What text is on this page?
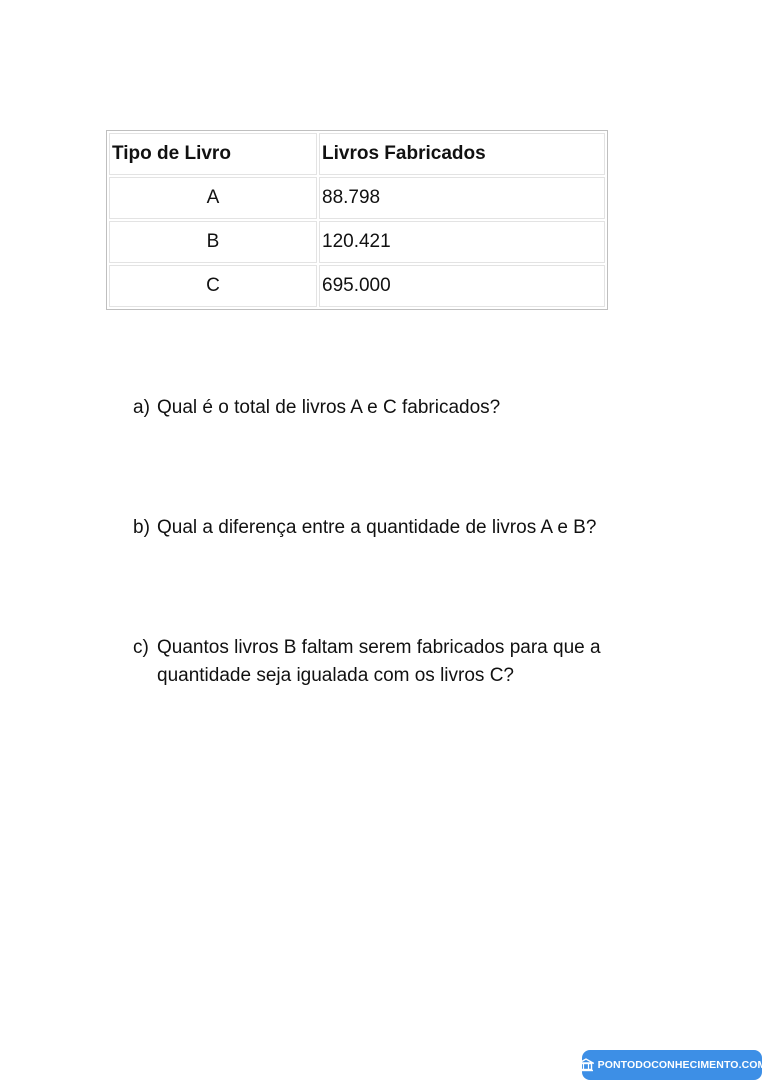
Tipo de Livro	Livros Fabricados
A	88.798
B	120.421
C	695.000
a) Qual é o total de livros A e C fabricados?
b) Qual a diferença entre a quantidade de livros A e B?
c) Quantos livros B faltam serem fabricados para que a quantidade seja igualada com os livros C?
PONTODOCONHECIMENTO.COM
